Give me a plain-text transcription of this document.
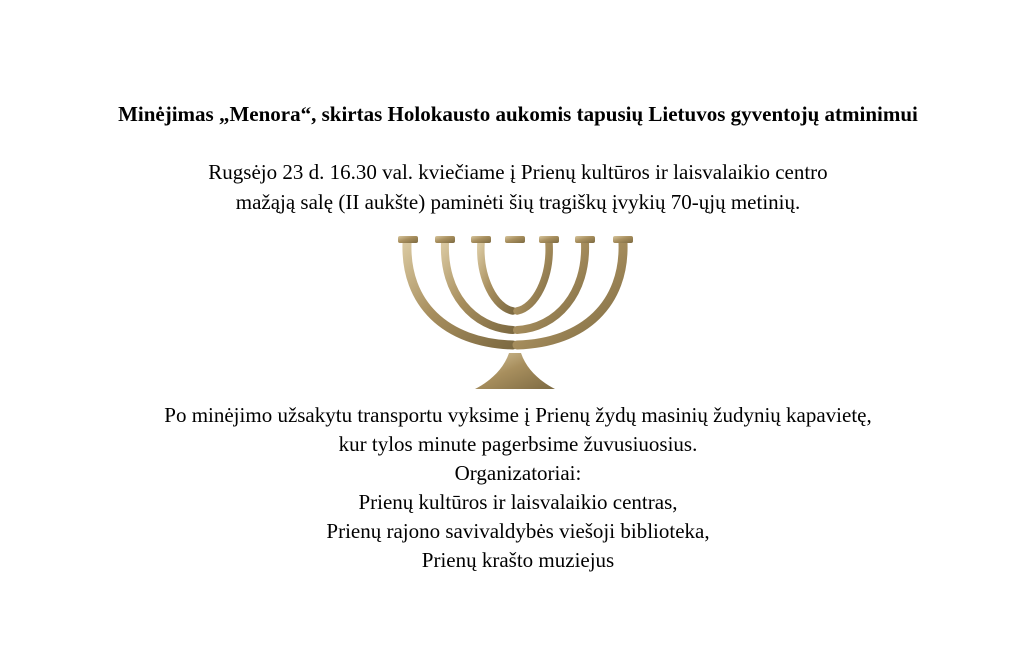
Minėjimas „Menora“, skirtas Holokausto aukomis tapusių Lietuvos gyventojų atminimui
Rugsėjo 23 d. 16.30 val. kviečiame į Prienų kultūros ir laisvalaikio centro
mažąją salę (II aukšte) paminėti šių tragiškų įvykių 70-ųjų metinių.
Po minėjimo užsakytu transportu vyksime į Prienų žydų masinių žudynių kapavietę,
kur tylos minute pagerbsime žuvusiuosius.
Organizatoriai:
Prienų kultūros ir laisvalaikio centras,
Prienų rajono savivaldybės viešoji biblioteka,
Prienų krašto muziejus
